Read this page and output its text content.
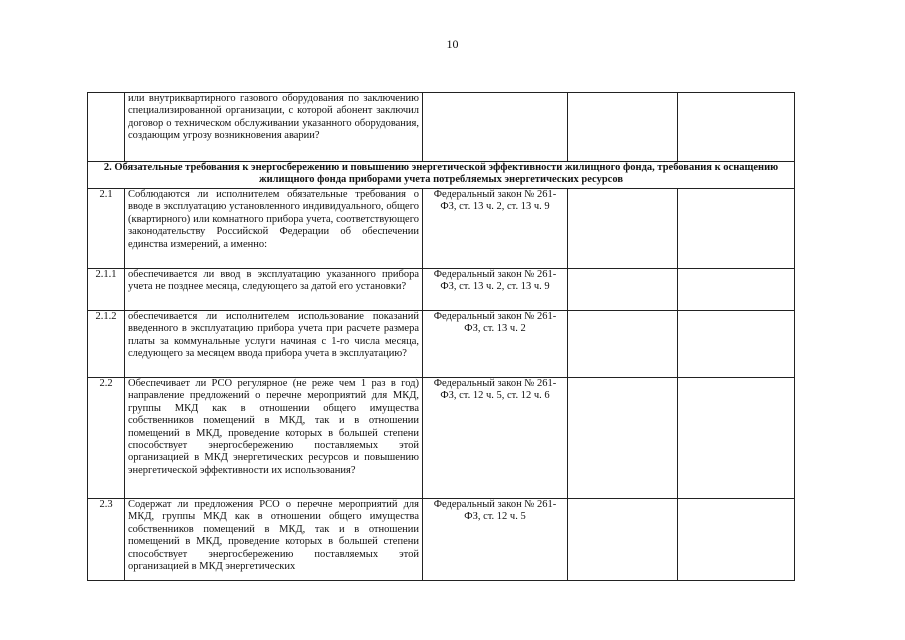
10
	или внутриквартирного газового оборудования по заключению специализированной организации, с которой абонент заключил договор о техническом обслуживании указанного оборудования, создающим угрозу возникновения аварии?			
2. Обязательные требования к энергосбережению и повышению энергетической эффективности жилищного фонда, требования к оснащению жилищного фонда приборами учета потребляемых энергетических ресурсов				
2.1	Соблюдаются ли исполнителем обязательные требования о вводе в эксплуатацию установленного индивидуального, общего (квартирного) или комнатного прибора учета, соответствующего законодательству Российской Федерации об обеспечении единства измерений, а именно:	Федеральный закон № 261-ФЗ, ст. 13 ч. 2, ст. 13 ч. 9		
2.1.1	обеспечивается ли ввод в эксплуатацию указанного прибора учета не позднее месяца, следующего за датой его установки?	Федеральный закон № 261-ФЗ, ст. 13 ч. 2, ст. 13 ч. 9		
2.1.2	обеспечивается ли исполнителем использование показаний введенного в эксплуатацию прибора учета при расчете размера платы за коммунальные услуги начиная с 1-го числа месяца, следующего за месяцем ввода прибора учета в эксплуатацию?	Федеральный закон № 261-ФЗ, ст. 13 ч. 2		
2.2	Обеспечивает ли РСО регулярное (не реже чем 1 раз в год) направление предложений о перечне мероприятий для МКД, группы МКД как в отношении общего имущества собственников помещений в МКД, так и в отношении помещений в МКД, проведение которых в большей степени способствует энергосбережению поставляемых этой организацией в МКД энергетических ресурсов и повышению энергетической эффективности их использования?	Федеральный закон № 261-ФЗ, ст. 12 ч. 5, ст. 12 ч. 6		
2.3	Содержат ли предложения РСО о перечне мероприятий для МКД, группы МКД как в отношении общего имущества собственников помещений в МКД, так и в отношении помещений в МКД, проведение которых в большей степени способствует энергосбережению поставляемых этой организацией в МКД энергетических	Федеральный закон № 261-ФЗ, ст. 12 ч. 5		
